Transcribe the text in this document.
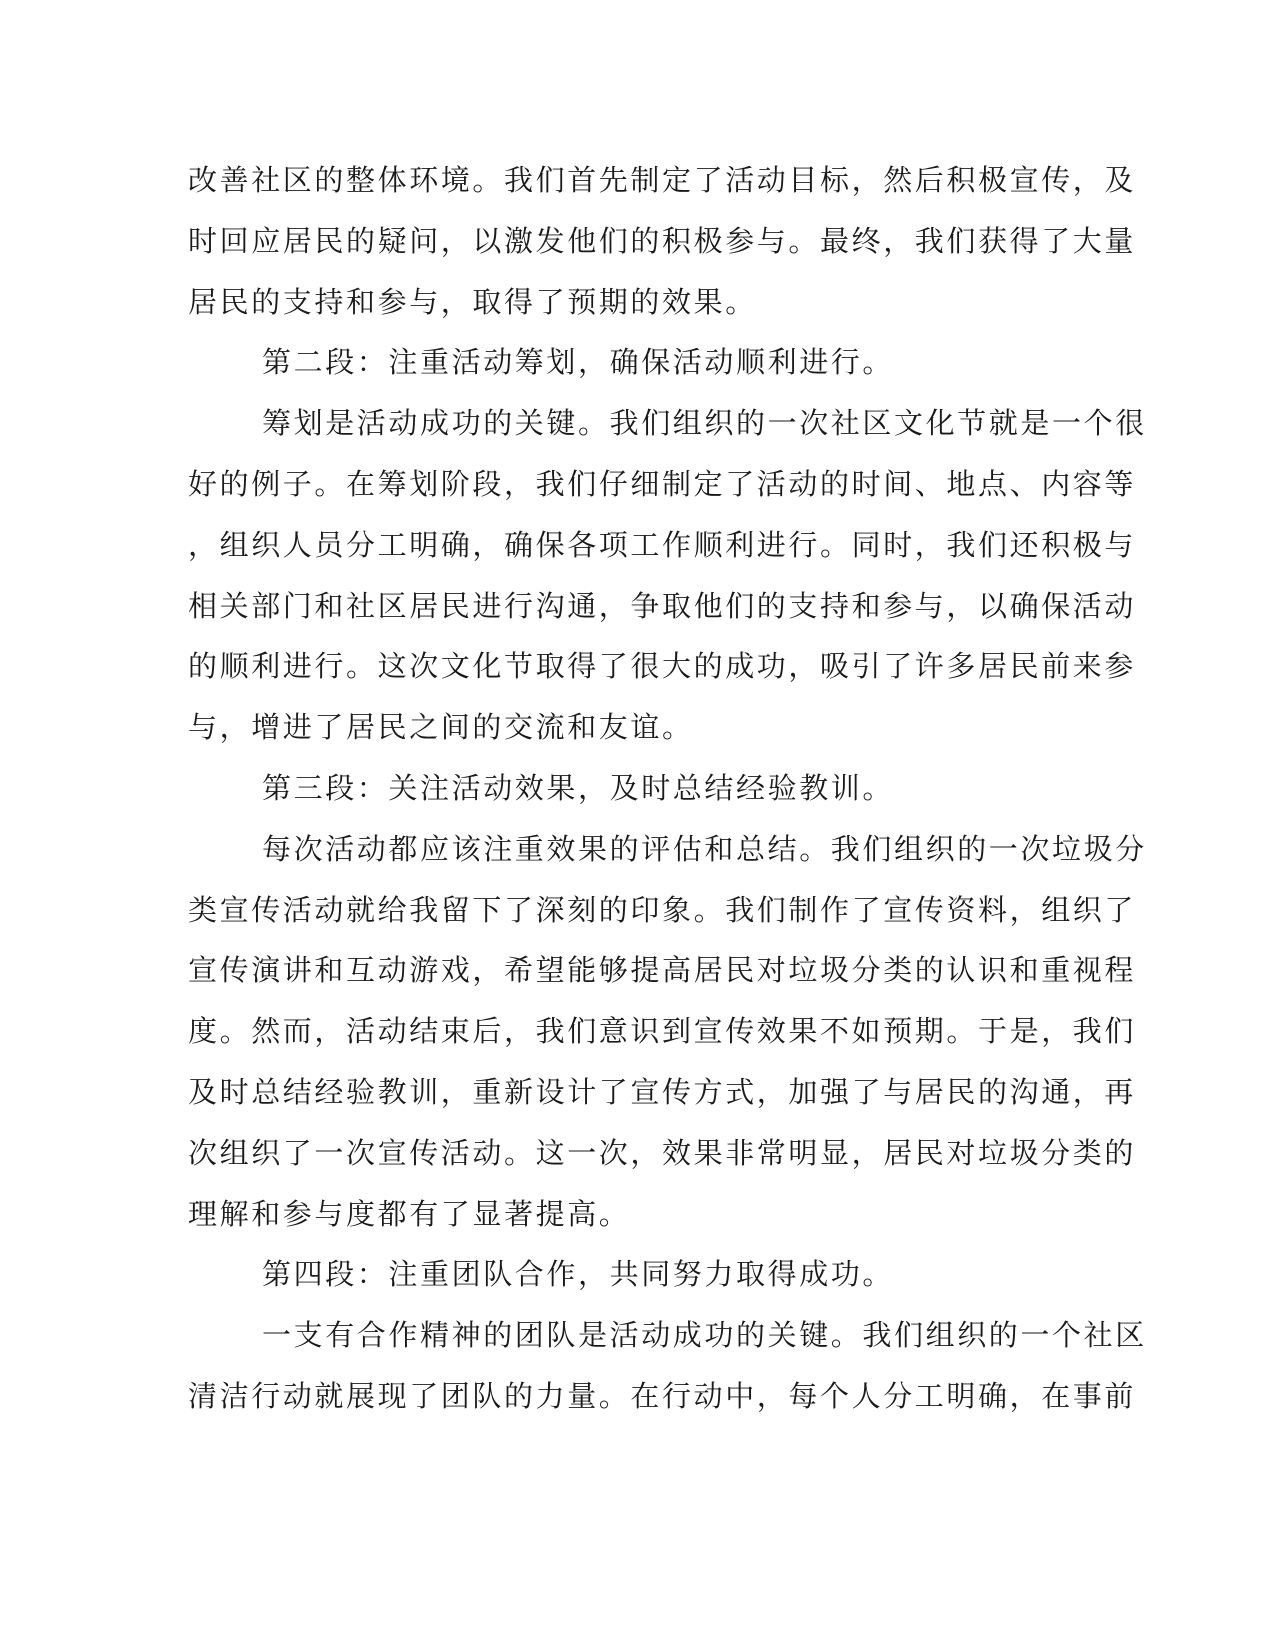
改善社区的整体环境。我们首先制定了活动目标，然后积极宣传，及
时回应居民的疑问，以激发他们的积极参与。最终，我们获得了大量
居民的支持和参与，取得了预期的效果。
第二段：注重活动筹划，确保活动顺利进行。
筹划是活动成功的关键。我们组织的一次社区文化节就是一个很
好的例子。在筹划阶段，我们仔细制定了活动的时间、地点、内容等
，组织人员分工明确，确保各项工作顺利进行。同时，我们还积极与
相关部门和社区居民进行沟通，争取他们的支持和参与，以确保活动
的顺利进行。这次文化节取得了很大的成功，吸引了许多居民前来参
与，增进了居民之间的交流和友谊。
第三段：关注活动效果，及时总结经验教训。
每次活动都应该注重效果的评估和总结。我们组织的一次垃圾分
类宣传活动就给我留下了深刻的印象。我们制作了宣传资料，组织了
宣传演讲和互动游戏，希望能够提高居民对垃圾分类的认识和重视程
度。然而，活动结束后，我们意识到宣传效果不如预期。于是，我们
及时总结经验教训，重新设计了宣传方式，加强了与居民的沟通，再
次组织了一次宣传活动。这一次，效果非常明显，居民对垃圾分类的
理解和参与度都有了显著提高。
第四段：注重团队合作，共同努力取得成功。
一支有合作精神的团队是活动成功的关键。我们组织的一个社区
清洁行动就展现了团队的力量。在行动中，每个人分工明确，在事前
